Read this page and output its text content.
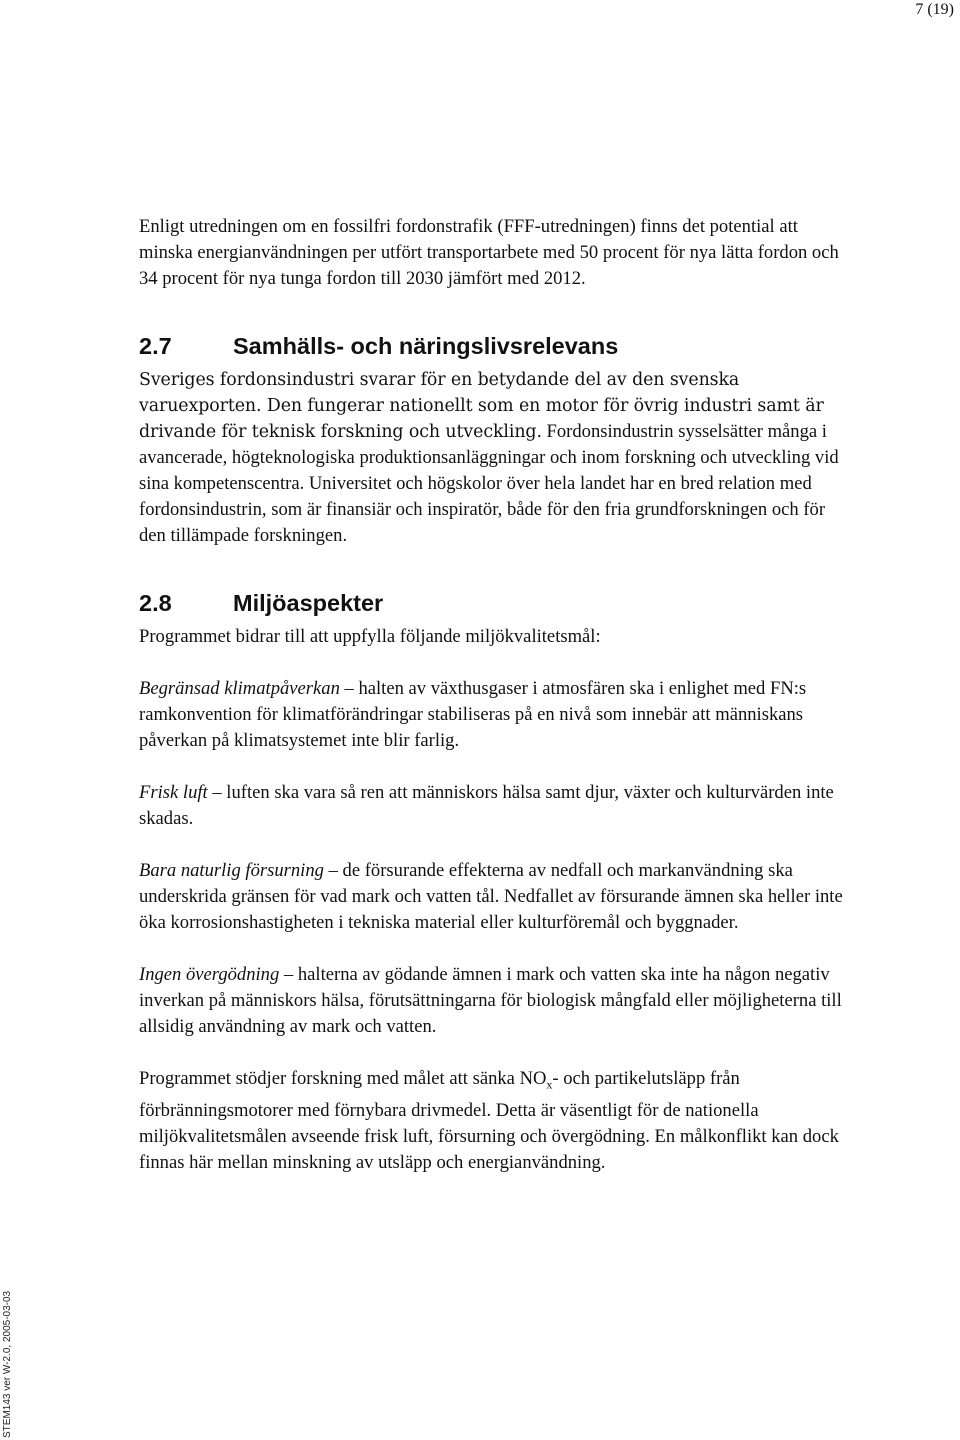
7 (19)

Enligt utredningen om en fossilfri fordonstrafik (FFF-utredningen) finns det potential att minska energianvändningen per utfört transportarbete med 50 procent för nya lätta fordon och 34 procent för nya tunga fordon till 2030 jämfört med 2012.

2.7	Samhälls- och näringslivsrelevans

Sveriges fordonsindustri svarar för en betydande del av den svenska varuexporten. Den fungerar nationellt som en motor för övrig industri samt är drivande för teknisk forskning och utveckling. Fordonsindustrin sysselsätter många i avancerade, högteknologiska produktionsanläggningar och inom forskning och utveckling vid sina kompetenscentra. Universitet och högskolor över hela landet har en bred relation med fordonsindustrin, som är finansiär och inspiratör, både för den fria grundforskningen och för den tillämpade forskningen.

2.8	Miljöaspekter

Programmet bidrar till att uppfylla följande miljökvalitetsmål:

Begränsad klimatpåverkan – halten av växthusgaser i atmosfären ska i enlighet med FN:s ramkonvention för klimatförändringar stabiliseras på en nivå som innebär att människans påverkan på klimatsystemet inte blir farlig.

Frisk luft – luften ska vara så ren att människors hälsa samt djur, växter och kulturvärden inte skadas.

Bara naturlig försurning – de försurande effekterna av nedfall och markanvändning ska underskrida gränsen för vad mark och vatten tål. Nedfallet av försurande ämnen ska heller inte öka korrosionshastigheten i tekniska material eller kulturföremål och byggnader.

Ingen övergödning – halterna av gödande ämnen i mark och vatten ska inte ha någon negativ inverkan på människors hälsa, förutsättningarna för biologisk mångfald eller möjligheterna till allsidig användning av mark och vatten.

Programmet stödjer forskning med målet att sänka $NO_x-$ och partikelutsläpp från förbränningsmotorer med förnybara drivmedel. Detta är väsentligt för de nationella miljökvalitetsmålen avseende frisk luft, försurning och övergödning. En målkonflikt kan dock finnas här mellan minskning av utsläpp och energianvändning.

STEM143 ver W-2.0, 2005-03-03
